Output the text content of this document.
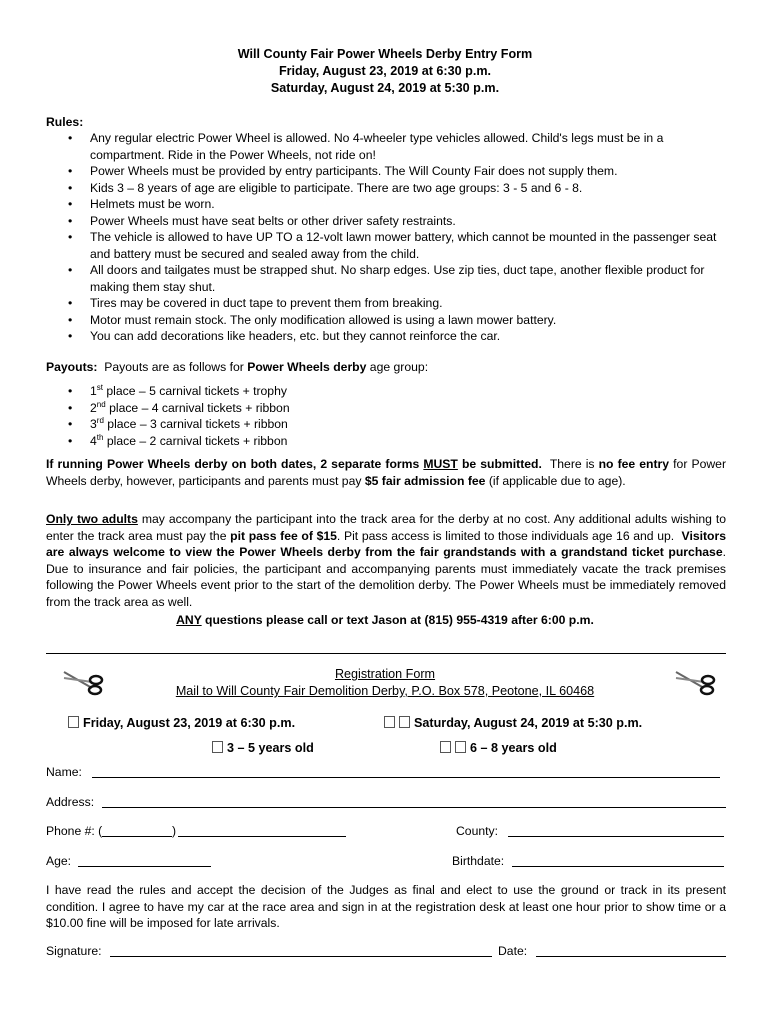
Will County Fair Power Wheels Derby Entry Form
Friday, August 23, 2019 at 6:30 p.m.
Saturday, August 24, 2019 at 5:30 p.m.
Rules:
• Any regular electric Power Wheel is allowed. No 4-wheeler type vehicles allowed. Child's legs must be in a compartment. Ride in the Power Wheels, not ride on!
• Power Wheels must be provided by entry participants. The Will County Fair does not supply them.
• Kids 3 – 8 years of age are eligible to participate. There are two age groups: 3 - 5 and 6 - 8.
• Helmets must be worn.
• Power Wheels must have seat belts or other driver safety restraints.
• The vehicle is allowed to have UP TO a 12-volt lawn mower battery, which cannot be mounted in the passenger seat and battery must be secured and sealed away from the child.
• All doors and tailgates must be strapped shut. No sharp edges. Use zip ties, duct tape, another flexible product for making them stay shut.
• Tires may be covered in duct tape to prevent them from breaking.
• Motor must remain stock. The only modification allowed is using a lawn mower battery.
• You can add decorations like headers, etc. but they cannot reinforce the car.
Payouts: Payouts are as follows for Power Wheels derby age group:
• 1st place – 5 carnival tickets + trophy
• 2nd place – 4 carnival tickets + ribbon
• 3rd place – 3 carnival tickets + ribbon
• 4th place – 2 carnival tickets + ribbon
If running Power Wheels derby on both dates, 2 separate forms MUST be submitted. There is no fee entry for Power Wheels derby, however, participants and parents must pay $5 fair admission fee (if applicable due to age).
Only two adults may accompany the participant into the track area for the derby at no cost. Any additional adults wishing to enter the track area must pay the pit pass fee of $15. Pit pass access is limited to those individuals age 16 and up. Visitors are always welcome to view the Power Wheels derby from the fair grandstands with a grandstand ticket purchase. Due to insurance and fair policies, the participant and accompanying parents must immediately vacate the track premises following the Power Wheels event prior to the start of the demolition derby. The Power Wheels must be immediately removed from the track area as well.
ANY questions please call or text Jason at (815) 955-4319 after 6:00 p.m.
Registration Form
Mail to Will County Fair Demolition Derby, P.O. Box 578, Peotone, IL 60468
Friday, August 23, 2019 at 6:30 p.m.	Saturday, August 24, 2019 at 5:30 p.m.
3 – 5 years old	6 – 8 years old
Name:
Address:
Phone #: (	)	County:
Age:	Birthdate:
I have read the rules and accept the decision of the Judges as final and elect to use the ground or track in its present condition. I agree to have my car at the race area and sign in at the registration desk at least one hour prior to show time or a $10.00 fine will be imposed for late arrivals.
Signature:	Date:
